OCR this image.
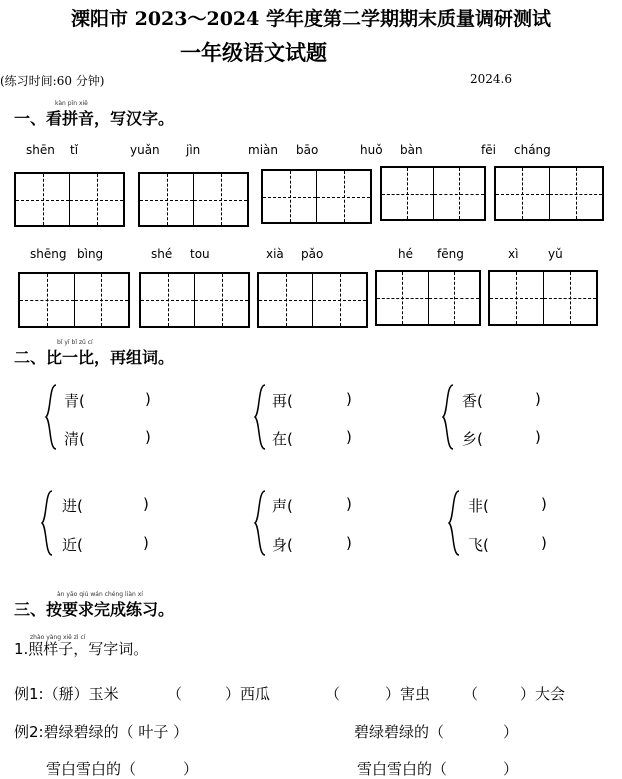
溧阳市 2023～2024 学年度第二学期期末质量调研测试
一年级语文试题
(练习时间:60 分钟)	2024.6
kàn pīn xiě
一、看拼音，写汉字。
shēn tǐ	yuǎn jìn	miàn bāo	huǒ bàn	fēi cháng
shēng bìng	shé tou	xià pǎo	hé fēng	xì yǔ
bǐ yī bǐ zǔ cí
二、比一比，再组词。
青(	)
清(	)
再(	)
在(	)
香(	)
乡(	)
进(	)
近(	)
声(	)
身(	)
非(	)
飞(	)
àn yāo qiú wán chéng liàn xí
三、按要求完成练习。
zhào yàng xiě zì cí
1.照样子，写字词。
例1:（掰）玉米	（	）西瓜	（	）害虫 （	）大会
例2:碧绿碧绿的（ 叶子 ）	碧绿碧绿的（	）
雪白雪白的（	）	雪白雪白的（	）
